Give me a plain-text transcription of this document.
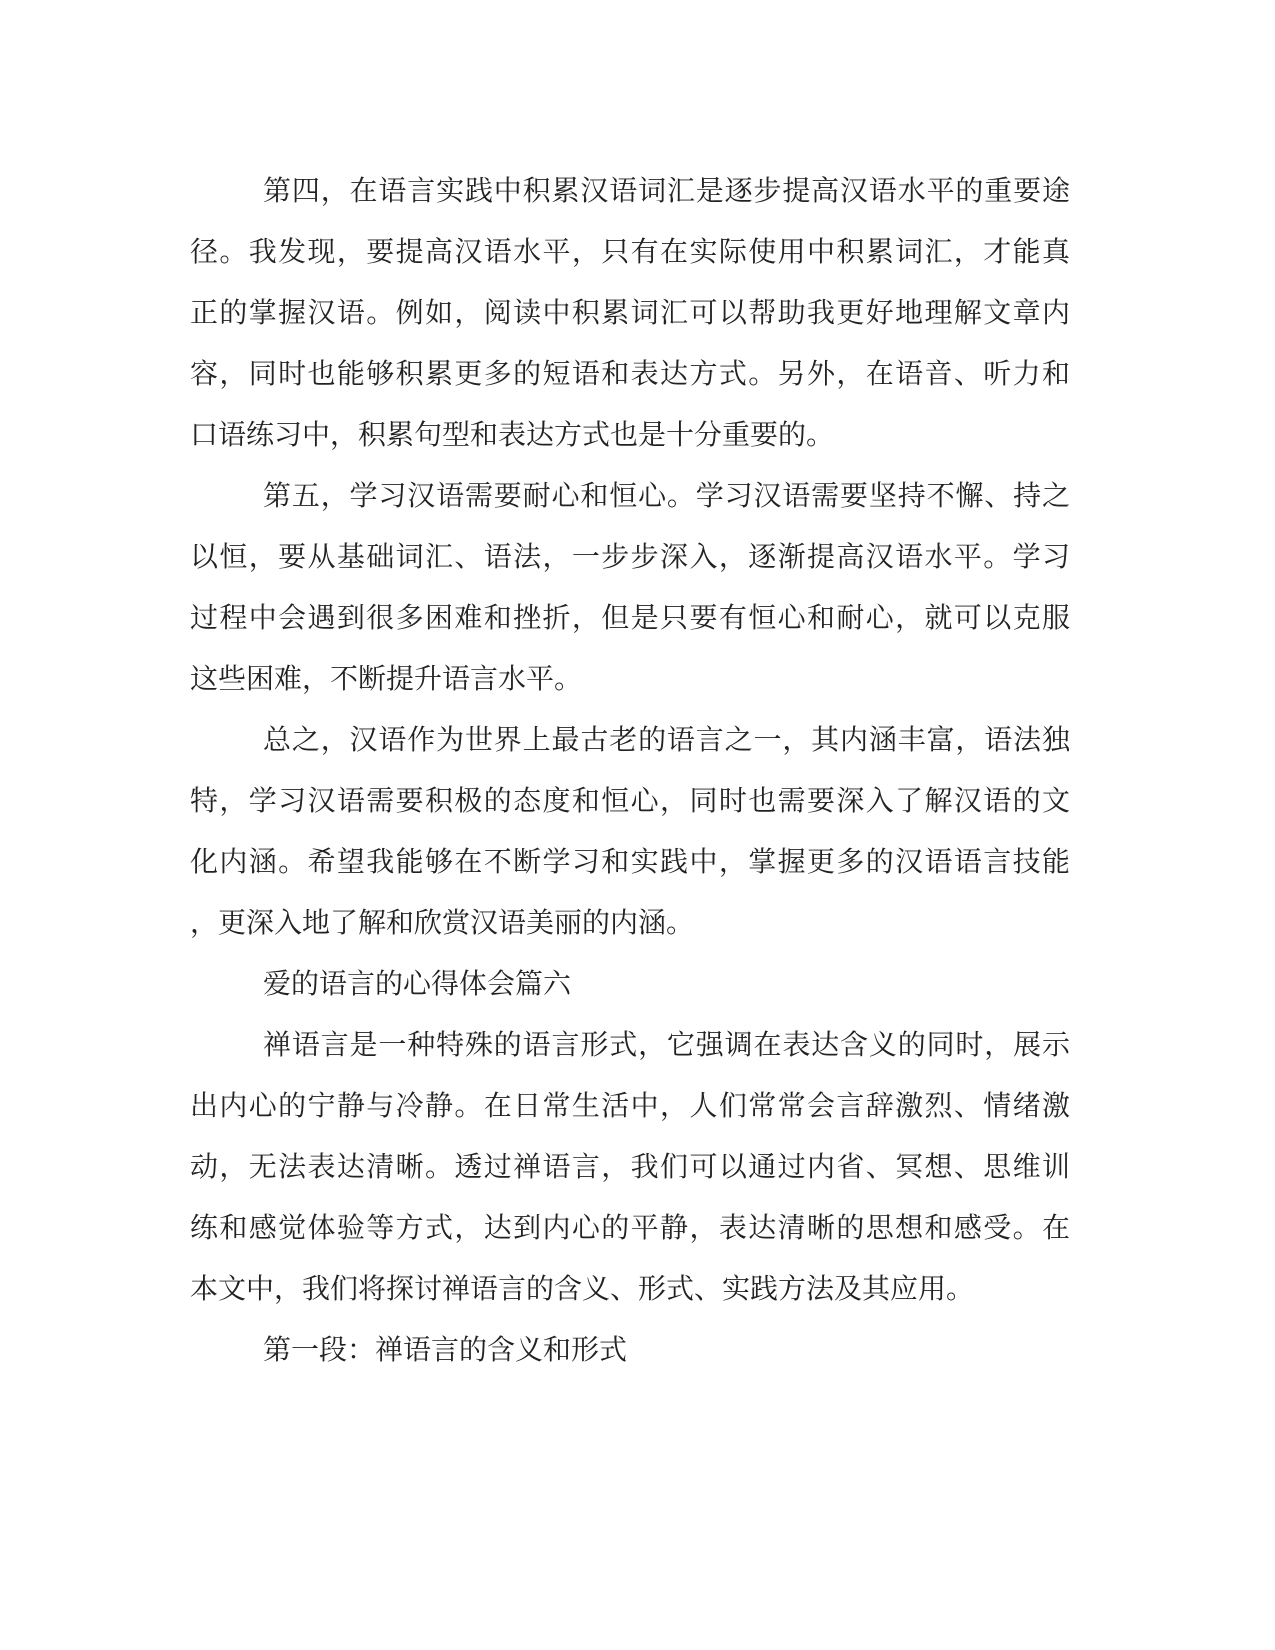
第四，在语言实践中积累汉语词汇是逐步提高汉语水平的重要途
径。我发现，要提高汉语水平，只有在实际使用中积累词汇，才能真
正的掌握汉语。例如，阅读中积累词汇可以帮助我更好地理解文章内
容，同时也能够积累更多的短语和表达方式。另外，在语音、听力和
口语练习中，积累句型和表达方式也是十分重要的。
第五，学习汉语需要耐心和恒心。学习汉语需要坚持不懈、持之
以恒，要从基础词汇、语法，一步步深入，逐渐提高汉语水平。学习
过程中会遇到很多困难和挫折，但是只要有恒心和耐心，就可以克服
这些困难，不断提升语言水平。
总之，汉语作为世界上最古老的语言之一，其内涵丰富，语法独
特，学习汉语需要积极的态度和恒心，同时也需要深入了解汉语的文
化内涵。希望我能够在不断学习和实践中，掌握更多的汉语语言技能
，更深入地了解和欣赏汉语美丽的内涵。
爱的语言的心得体会篇六
禅语言是一种特殊的语言形式，它强调在表达含义的同时，展示
出内心的宁静与冷静。在日常生活中，人们常常会言辞激烈、情绪激
动，无法表达清晰。透过禅语言，我们可以通过内省、冥想、思维训
练和感觉体验等方式，达到内心的平静，表达清晰的思想和感受。在
本文中，我们将探讨禅语言的含义、形式、实践方法及其应用。
第一段：禅语言的含义和形式
